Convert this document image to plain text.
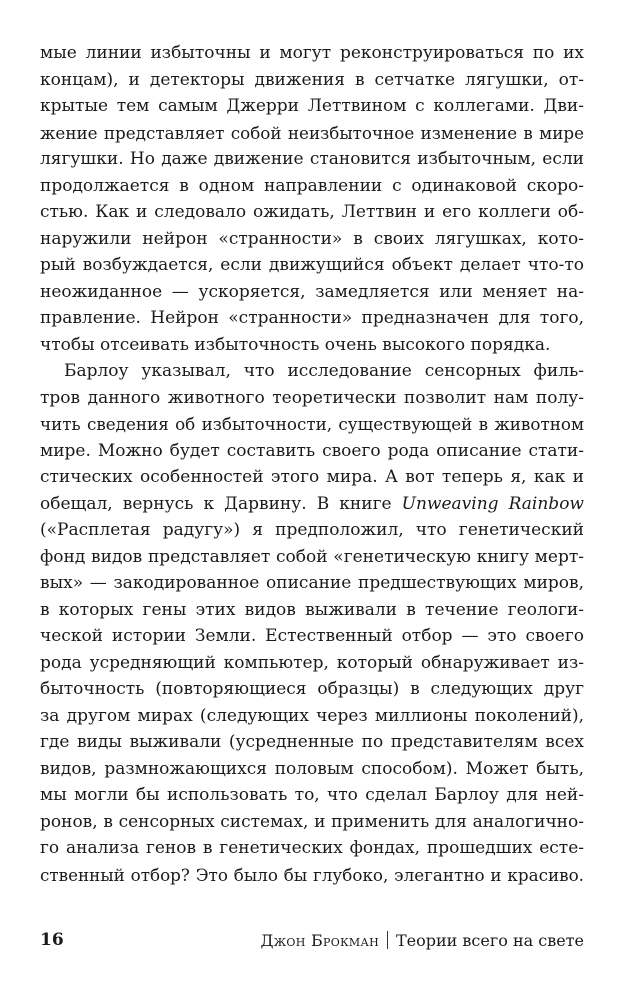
мые линии избыточны и могут реконструироваться по их
концам), и детекторы движения в сетчатке лягушки, от-
крытые тем самым Джерри Леттвином с коллегами. Дви-
жение представляет собой неизбыточное изменение в мире
лягушки. Но даже движение становится избыточным, если
продолжается в одном направлении с одинаковой скоро-
стью. Как и следовало ожидать, Леттвин и его коллеги об-
наружили нейрон «странности» в своих лягушках, кото-
рый возбуждается, если движущийся объект делает что-то
неожиданное — ускоряется, замедляется или меняет на-
правление. Нейрон «странности» предназначен для того,
чтобы отсеивать избыточность очень высокого порядка.
Барлоу указывал, что исследование сенсорных филь-
тров данного животного теоретически позволит нам полу-
чить сведения об избыточности, существующей в животном
мире. Можно будет составить своего рода описание стати-
стических особенностей этого мира. А вот теперь я, как и
обещал, вернусь к Дарвину. В книге Unweaving Rainbow
(«Расплетая радугу») я предположил, что генетический
фонд видов представляет собой «генетическую книгу мерт-
вых» — закодированное описание предшествующих миров,
в которых гены этих видов выживали в течение геологи-
ческой истории Земли. Естественный отбор — это своего
рода усредняющий компьютер, который обнаруживает из-
быточность (повторяющиеся образцы) в следующих друг
за другом мирах (следующих через миллионы поколений),
где виды выживали (усредненные по представителям всех
видов, размножающихся половым способом). Может быть,
мы могли бы использовать то, что сделал Барлоу для ней-
ронов, в сенсорных системах, и применить для аналогично-
го анализа генов в генетических фондах, прошедших есте-
ственный отбор? Это было бы глубоко, элегантно и красиво.
16	Джон Брокман Теории всего на свете
